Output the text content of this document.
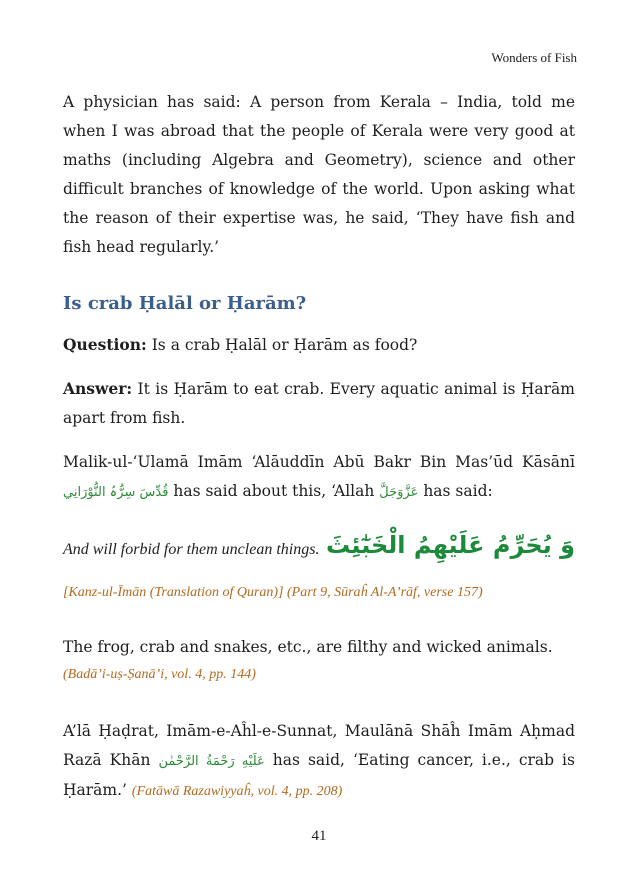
Wonders of Fish

A physician has said: A person from Kerala – India, told me when I was abroad that the people of Kerala were very good at maths (including Algebra and Geometry), science and other difficult branches of knowledge of the world. Upon asking what the reason of their expertise was, he said, ‘They have fish and fish head regularly.’

Is crab Ḥalāl or Ḥarām?

Question: Is a crab Ḥalāl or Ḥarām as food?

Answer: It is Ḥarām to eat crab. Every aquatic animal is Ḥarām apart from fish.

Malik-ul-‘Ulamā Imām ‘Alāuddīn Abū Bakr Bin Mas’ūd Kāsānī قُدِّسَ سِرُّہُ النُّوْرَانِي has said about this, ‘Allah عَزَّوَجَلَّ has said:

And will forbid for them unclean things. وَ يُحَرِّمُ عَلَيْهِمُ الْخَبٰٓئِثَ
[Kanz-ul-Īmān (Translation of Quran)] (Part 9, Sūraĥ Al-A’rāf, verse 157)

The frog, crab and snakes, etc., are filthy and wicked animals.

(Badā’i-uṣ-Ṣanā’i, vol. 4, pp. 144)

A’lā Ḥaḍrat, Imām-e-Aĥl-e-Sunnat, Maulānā Shāĥ Imām Aḥmad Razā Khān عَلَيْهِ رَحْمَةُ الرَّحْمٰن has said, ‘Eating cancer, i.e., crab is Ḥarām.’ (Fatāwā Razawiyyaĥ, vol. 4, pp. 208)

41
